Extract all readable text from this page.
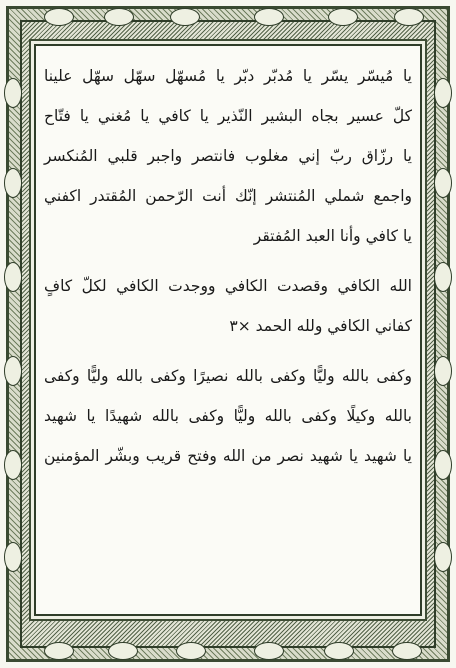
يا مُيسّر يسّر يا مُدبّر دبّر يا مُسهّل سهّل سهّل علينا
كلّ عسير بجاه البشير النّذير يا كافي يا مُغني يا فتّاح
يا رزّاق ربّ إني مغلوب فانتصر واجبر قلبي المُنكسر
واجمع شملي المُنتشر إنّك أنت الرّحمن المُقتدر اكفني
يا كافي وأنا العبد المُفتقر
الله الكافي وقصدت الكافي ووجدت الكافي لكلّ كافٍ
كفاني الكافي ولله الحمد ×٣
وكفى بالله وليًّا وكفى بالله نصيرًا وكفى بالله وليًّا وكفى
بالله وكيلًا وكفى بالله وليًّا وكفى بالله شهيدًا يا شهيد
يا شهيد يا شهيد نصر من الله وفتح قريب وبشّر المؤمنين
